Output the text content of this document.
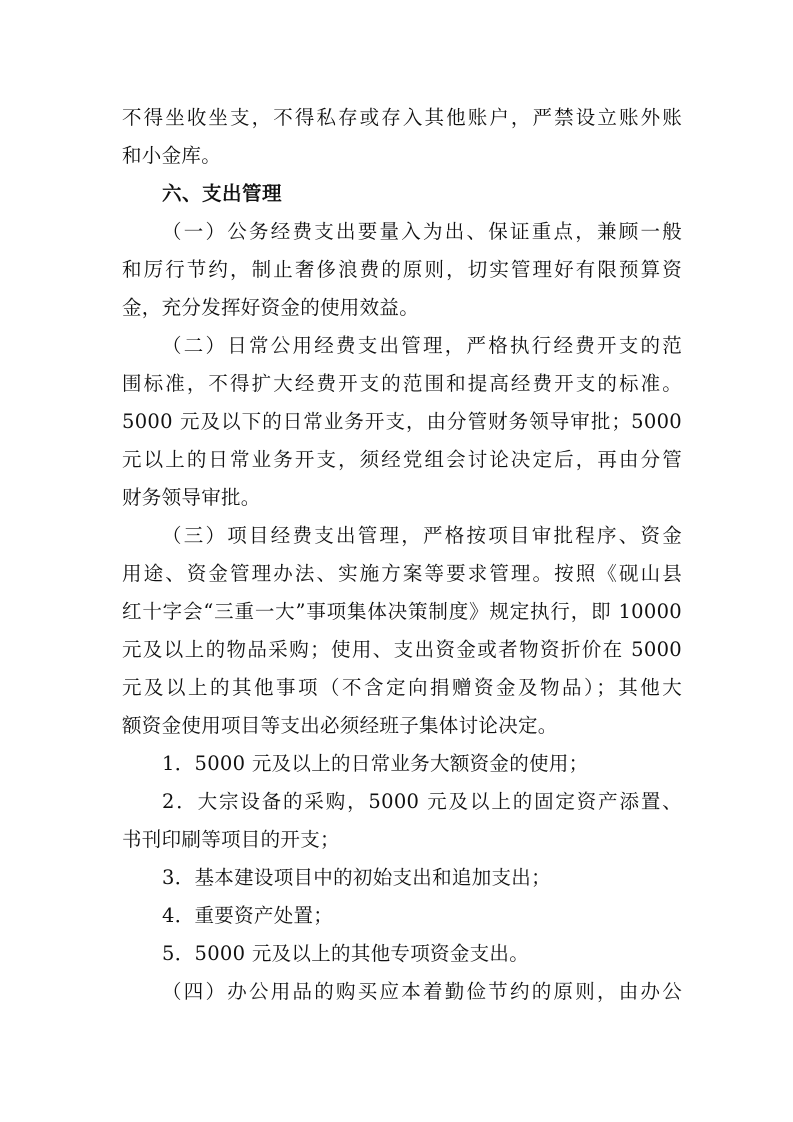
不得坐收坐支，不得私存或存入其他账户，严禁设立账外账
和小金库。
六、支出管理
（一）公务经费支出要量入为出、保证重点，兼顾一般
和厉行节约，制止奢侈浪费的原则，切实管理好有限预算资
金，充分发挥好资金的使用效益。
（二）日常公用经费支出管理，严格执行经费开支的范
围标准，不得扩大经费开支的范围和提高经费开支的标准。
5000 元及以下的日常业务开支，由分管财务领导审批；5000
元以上的日常业务开支，须经党组会讨论决定后，再由分管
财务领导审批。
（三）项目经费支出管理，严格按项目审批程序、资金
用途、资金管理办法、实施方案等要求管理。按照《砚山县
红十字会“三重一大”事项集体决策制度》规定执行，即 10000
元及以上的物品采购；使用、支出资金或者物资折价在 5000
元及以上的其他事项（不含定向捐赠资金及物品）；其他大
额资金使用项目等支出必须经班子集体讨论决定。
1．5000 元及以上的日常业务大额资金的使用；
2．大宗设备的采购，5000 元及以上的固定资产添置、
书刊印刷等项目的开支；
3．基本建设项目中的初始支出和追加支出；
4．重要资产处置；
5．5000 元及以上的其他专项资金支出。
（四）办公用品的购买应本着勤俭节约的原则，由办公
